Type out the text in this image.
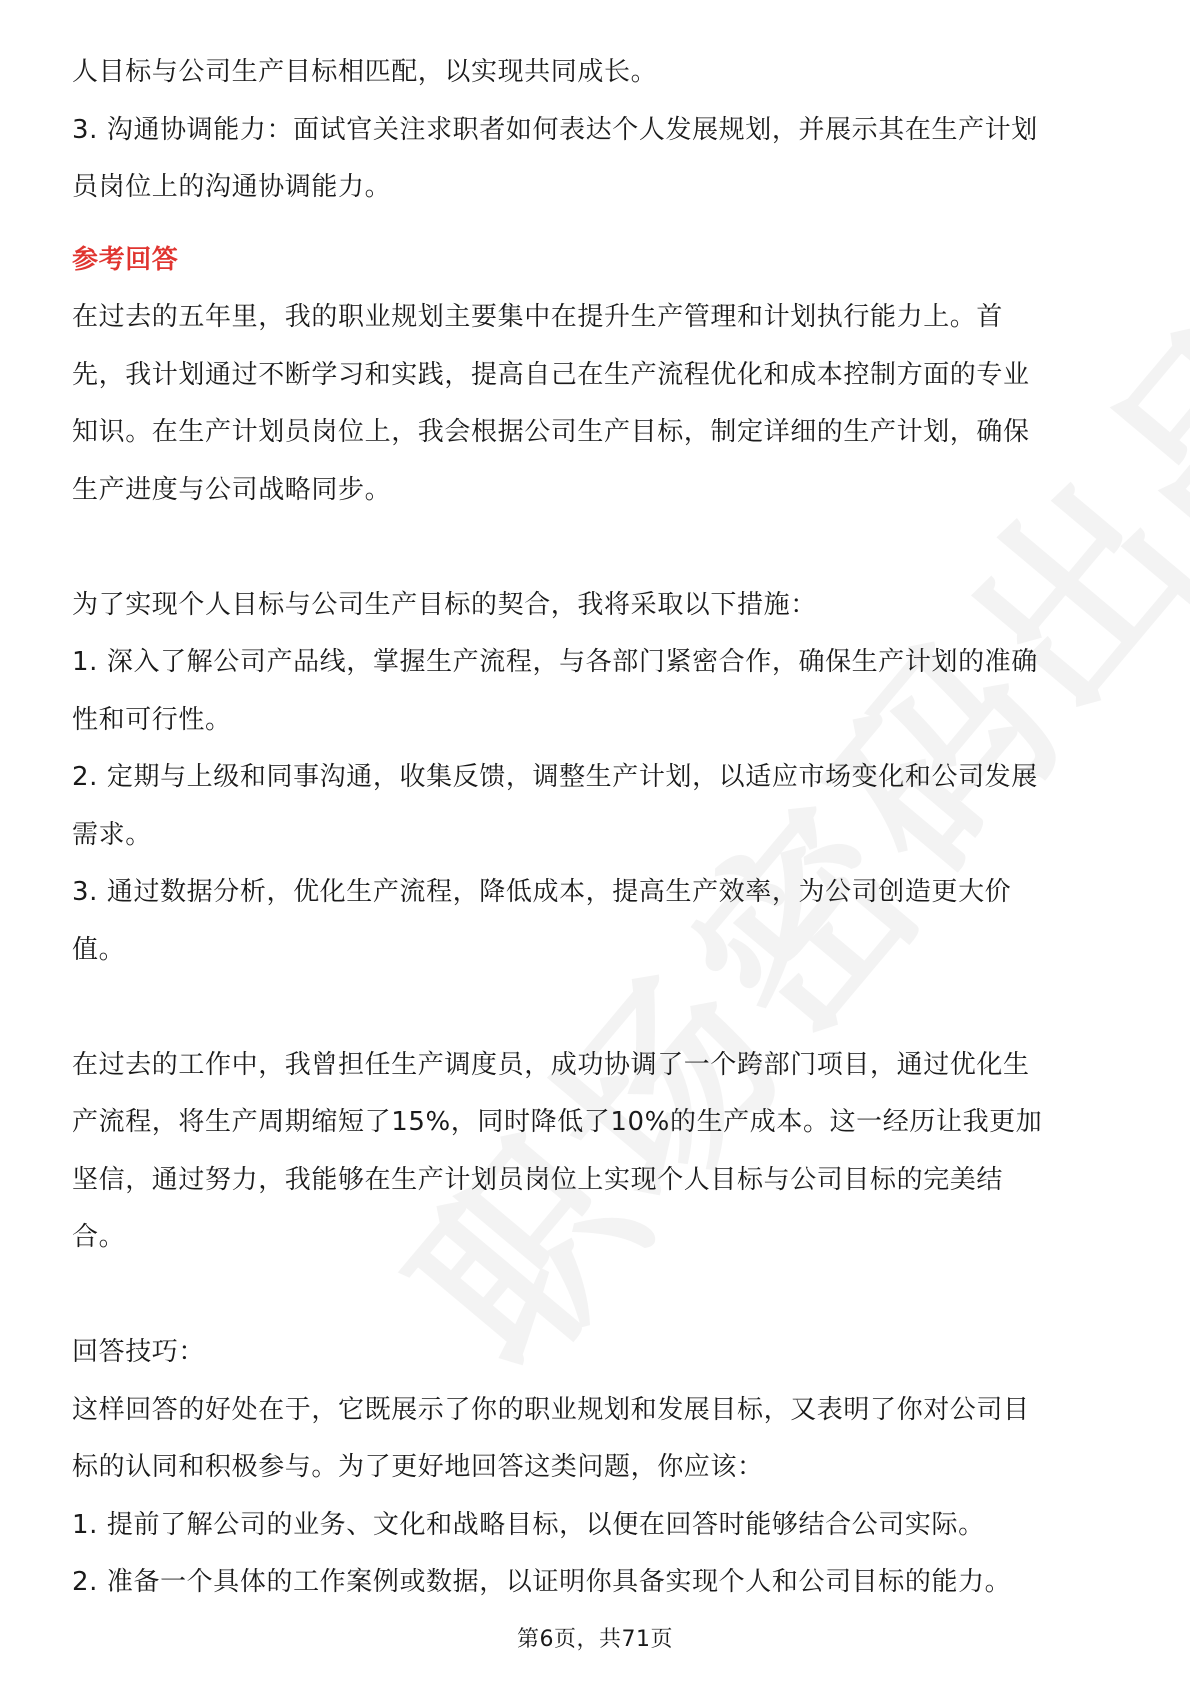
人目标与公司生产目标相匹配，以实现共同成长。
3. 沟通协调能力：面试官关注求职者如何表达个人发展规划，并展示其在生产计划
员岗位上的沟通协调能力。
参考回答
在过去的五年里，我的职业规划主要集中在提升生产管理和计划执行能力上。首
先，我计划通过不断学习和实践，提高自己在生产流程优化和成本控制方面的专业
知识。在生产计划员岗位上，我会根据公司生产目标，制定详细的生产计划，确保
生产进度与公司战略同步。
为了实现个人目标与公司生产目标的契合，我将采取以下措施：
1. 深入了解公司产品线，掌握生产流程，与各部门紧密合作，确保生产计划的准确
性和可行性。
2. 定期与上级和同事沟通，收集反馈，调整生产计划，以适应市场变化和公司发展
需求。
3. 通过数据分析，优化生产流程，降低成本，提高生产效率，为公司创造更大价
值。
在过去的工作中，我曾担任生产调度员，成功协调了一个跨部门项目，通过优化生
产流程，将生产周期缩短了15%，同时降低了10%的生产成本。这一经历让我更加
坚信，通过努力，我能够在生产计划员岗位上实现个人目标与公司目标的完美结
合。
回答技巧：
这样回答的好处在于，它既展示了你的职业规划和发展目标，又表明了你对公司目
标的认同和积极参与。为了更好地回答这类问题，你应该：
1. 提前了解公司的业务、文化和战略目标，以便在回答时能够结合公司实际。
2. 准备一个具体的工作案例或数据，以证明你具备实现个人和公司目标的能力。
第6页，共71页
